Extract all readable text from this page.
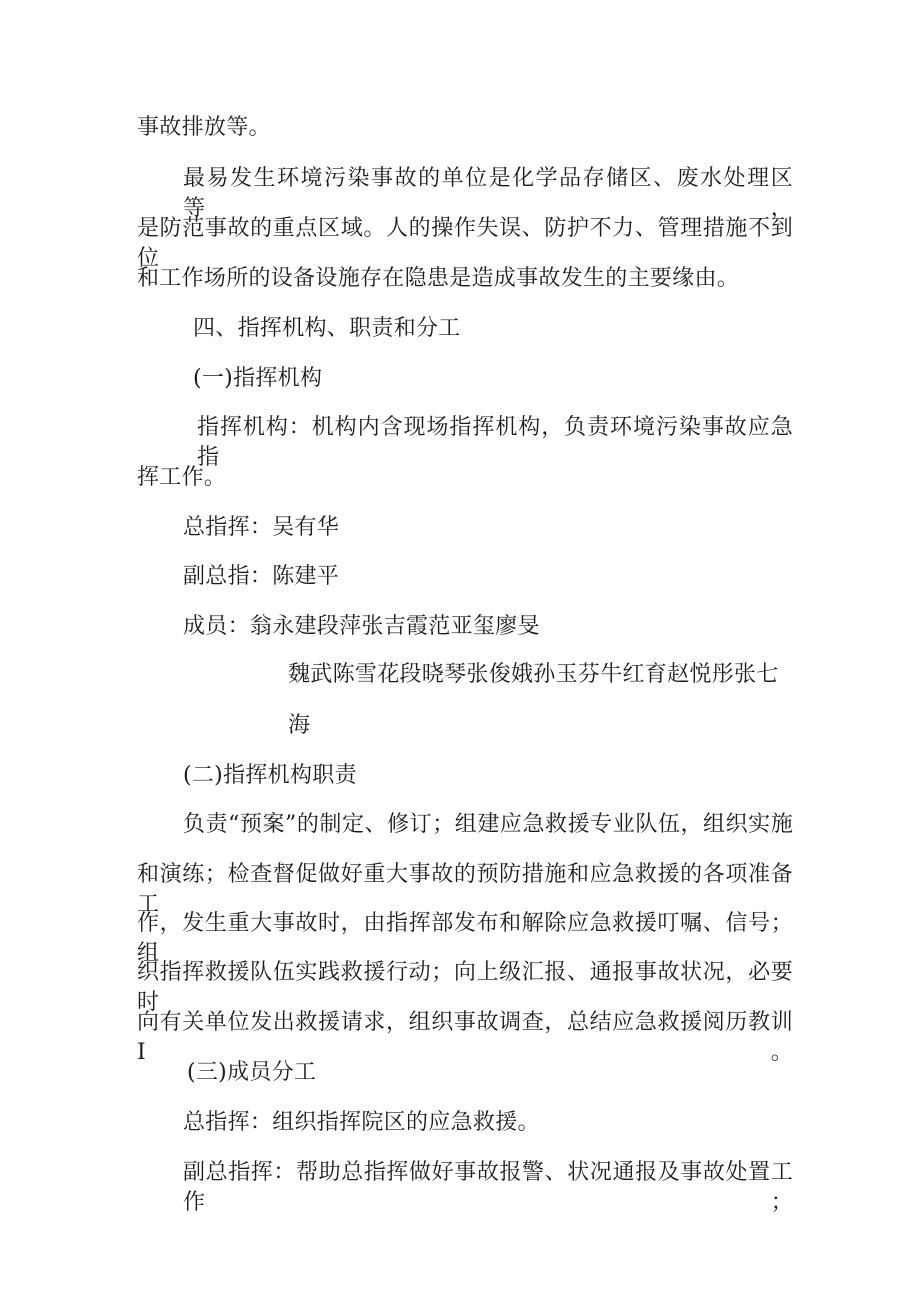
事故排放等。
最易发生环境污染事故的单位是化学品存储区、废水处理区等，
是防范事故的重点区域。人的操作失误、防护不力、管理措施不到位
和工作场所的设备设施存在隐患是造成事故发生的主要缘由。
四、指挥机构、职责和分工
(一)指挥机构
指挥机构：机构内含现场指挥机构，负责环境污染事故应急指
挥工作。
总指挥：吴有华
副总指：陈建平
成员：翁永建段萍张吉霞范亚玺廖旻
魏武陈雪花段晓琴张俊娥孙玉芬牛红育赵悦彤张七
海
(二)指挥机构职责
负责“预案”的制定、修订；组建应急救援专业队伍，组织实施
和演练；检查督促做好重大事故的预防措施和应急救援的各项准备工
作，发生重大事故时，由指挥部发布和解除应急救援叮嘱、信号；组
织指挥救援队伍实践救援行动；向上级汇报、通报事故状况，必要时
向有关单位发出救援请求，组织事故调查，总结应急救援阅历教训I。
(三)成员分工
总指挥：组织指挥院区的应急救援。
副总指挥：帮助总指挥做好事故报警、状况通报及事故处置工作；
